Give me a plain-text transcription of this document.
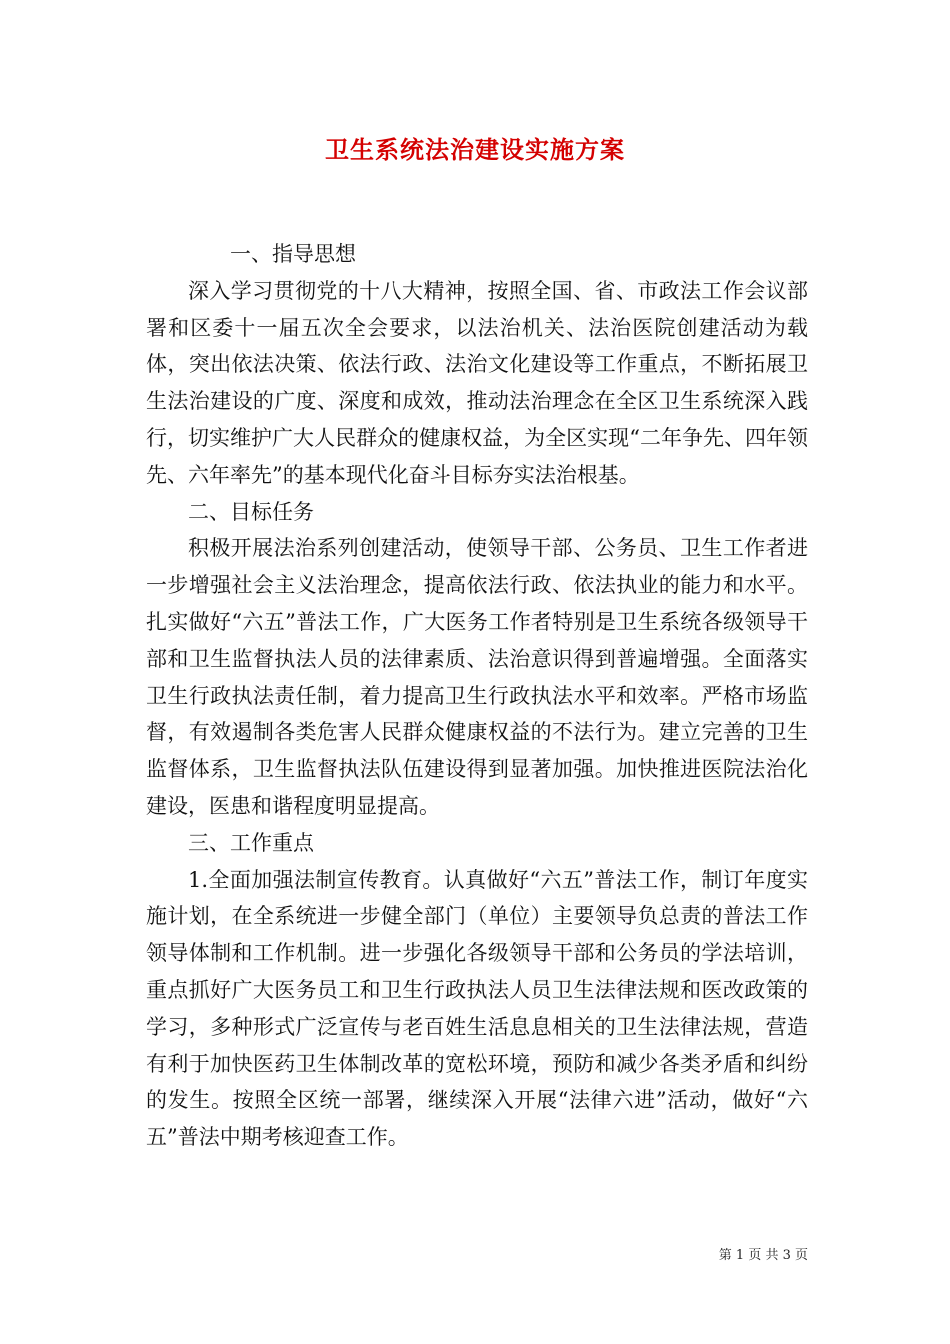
卫生系统法治建设实施方案
一、指导思想

深入学习贯彻党的十八大精神，按照全国、省、市政法工作会议部署和区委十一届五次全会要求，以法治机关、法治医院创建活动为载体，突出依法决策、依法行政、法治文化建设等工作重点，不断拓展卫生法治建设的广度、深度和成效，推动法治理念在全区卫生系统深入践行，切实维护广大人民群众的健康权益，为全区实现“二年争先、四年领先、六年率先”的基本现代化奋斗目标夯实法治根基。

二、目标任务

积极开展法治系列创建活动，使领导干部、公务员、卫生工作者进一步增强社会主义法治理念，提高依法行政、依法执业的能力和水平。扎实做好“六五”普法工作，广大医务工作者特别是卫生系统各级领导干部和卫生监督执法人员的法律素质、法治意识得到普遍增强。全面落实卫生行政执法责任制，着力提高卫生行政执法水平和效率。严格市场监督，有效遏制各类危害人民群众健康权益的不法行为。建立完善的卫生监督体系，卫生监督执法队伍建设得到显著加强。加快推进医院法治化建设，医患和谐程度明显提高。

三、工作重点

1.全面加强法制宣传教育。认真做好“六五”普法工作，制订年度实施计划，在全系统进一步健全部门（单位）主要领导负总责的普法工作领导体制和工作机制。进一步强化各级领导干部和公务员的学法培训，重点抓好广大医务员工和卫生行政执法人员卫生法律法规和医改政策的学习，多种形式广泛宣传与老百姓生活息息相关的卫生法律法规，营造有利于加快医药卫生体制改革的宽松环境，预防和减少各类矛盾和纠纷的发生。按照全区统一部署，继续深入开展“法律六进”活动，做好“六五”普法中期考核迎查工作。

第 1 页 共 3 页
